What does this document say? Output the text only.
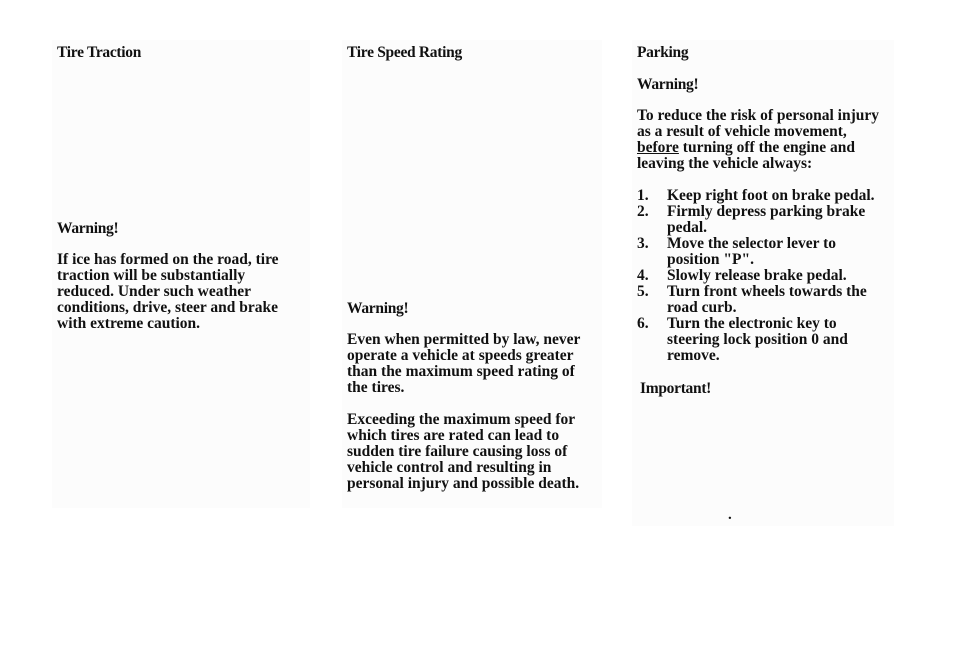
Tire Traction
Warning!
If ice has formed on the road, tire
traction will be substantially
reduced. Under such weather
conditions, drive, steer and brake
with extreme caution.
Tire Speed Rating
Warning!
Even when permitted by law, never
operate a vehicle at speeds greater
than the maximum speed rating of
the tires.
Exceeding the maximum speed for
which tires are rated can lead to
sudden tire failure causing loss of
vehicle control and resulting in
personal injury and possible death.
Parking
Warning!
To reduce the risk of personal injury
as a result of vehicle movement,
before turning off the engine and
leaving the vehicle always:
1. Keep right foot on brake pedal.
2. Firmly depress parking brake
pedal.
3. Move the selector lever to
position "P".
4. Slowly release brake pedal.
5. Turn front wheels towards the
road curb.
6. Turn the electronic key to
steering lock position 0 and
remove.
Important!
.
